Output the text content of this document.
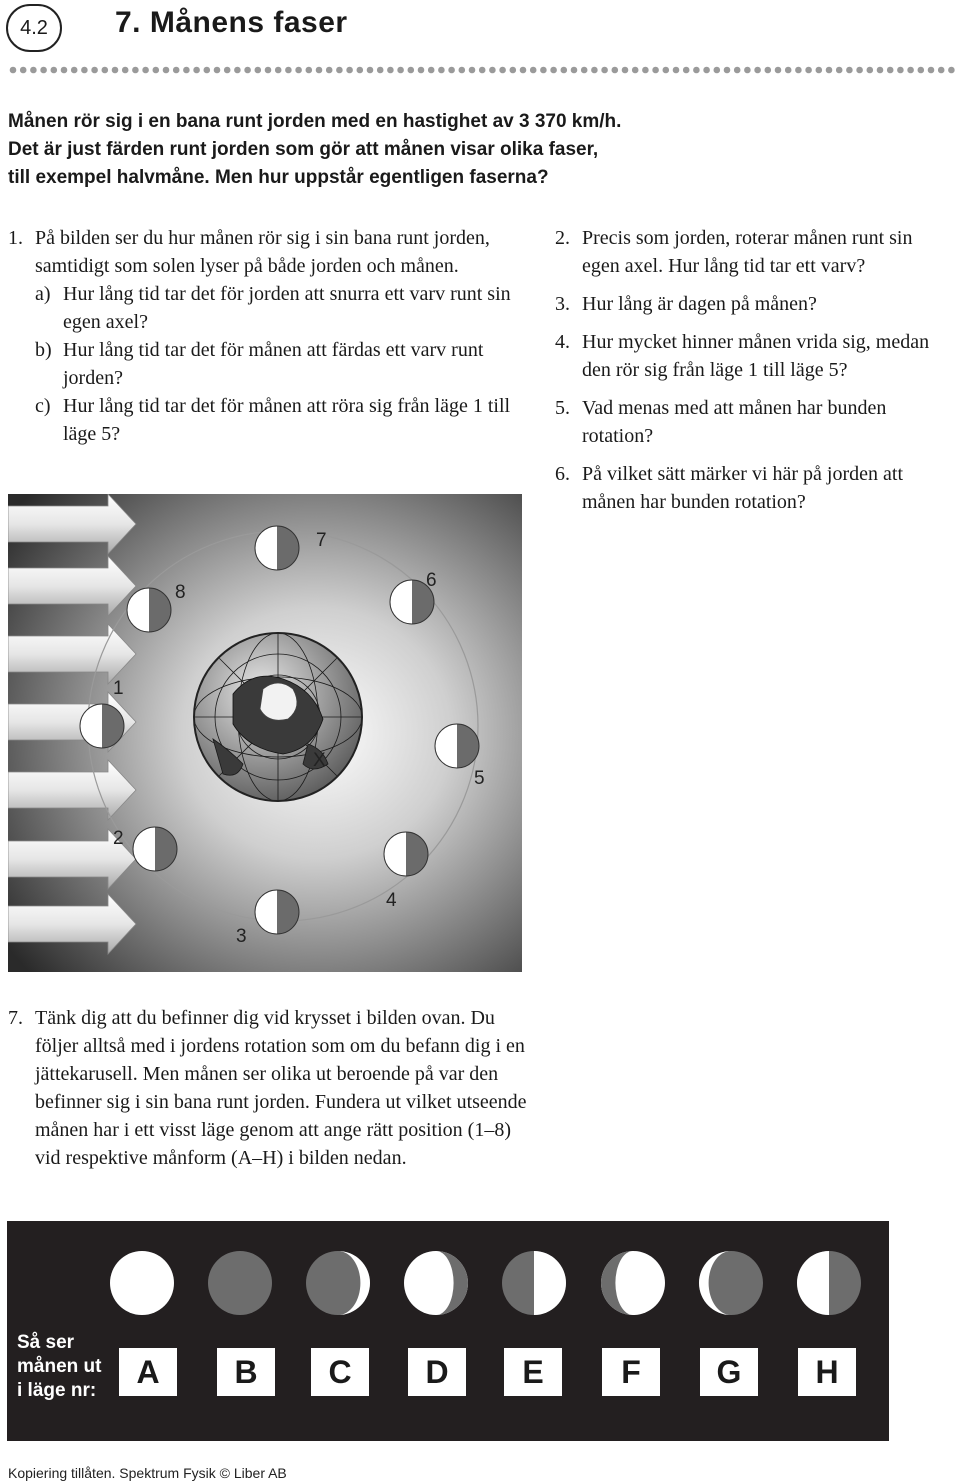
4.2 7. Månens faser
Månen rör sig i en bana runt jorden med en hastighet av 3 370 km/h.
Det är just färden runt jorden som gör att månen visar olika faser,
till exempel halvmåne. Men hur uppstår egentligen faserna?
1. På bilden ser du hur månen rör sig i sin bana runt jorden, samtidigt som solen lyser på både jorden och månen.
a) Hur lång tid tar det för jorden att snurra ett varv runt sin egen axel?
b) Hur lång tid tar det för månen att färdas ett varv runt jorden?
c) Hur lång tid tar det för månen att röra sig från läge 1 till läge 5?
2. Precis som jorden, roterar månen runt sin egen axel. Hur lång tid tar ett varv?
3. Hur lång är dagen på månen?
4. Hur mycket hinner månen vrida sig, medan den rör sig från läge 1 till läge 5?
5. Vad menas med att månen har bunden rotation?
6. På vilket sätt märker vi här på jorden att månen har bunden rotation?
1
2
3
4
5
6
7
8
X
7. Tänk dig att du befinner dig vid krysset i bilden ovan. Du följer alltså med i jordens rotation som om du befann dig i en jättekarusell. Men månen ser olika ut beroende på var den befinner sig i sin bana runt jorden. Fundera ut vilket utseende månen har i ett visst läge genom att ange rätt position (1–8) vid respektive månform (A–H) i bilden nedan.
Så ser
månen ut
i läge nr:
A	B	C	D	E	F	G	H
Kopiering tillåten. Spektrum Fysik © Liber AB
